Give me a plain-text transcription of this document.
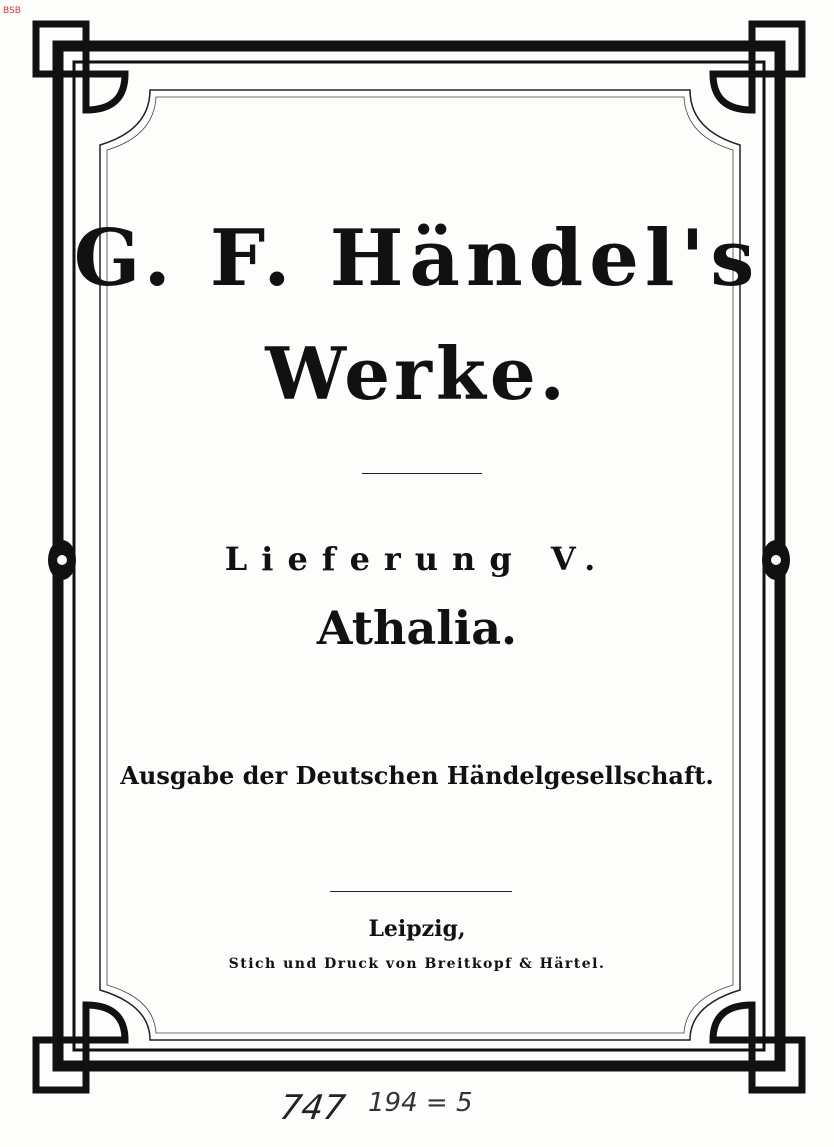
BSB
G. F. Händel's
Werke.
Lieferung V.
Athalia.
Ausgabe der Deutschen Händelgesellschaft.
Leipzig,
Stich und Druck von Breitkopf & Härtel.
747 194 = 5
